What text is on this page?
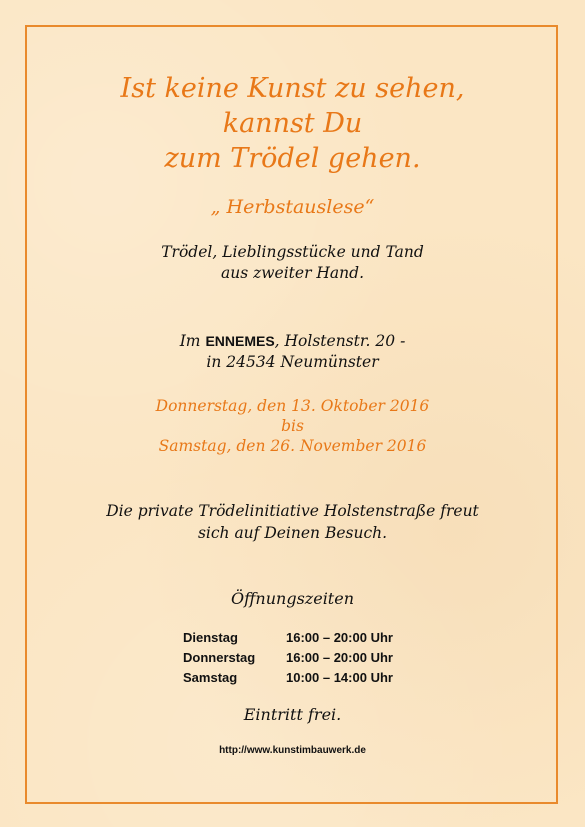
Ist keine Kunst zu sehen,
kannst Du
zum Trödel gehen.
„ Herbstauslese“
Trödel, Lieblingsstücke und Tand
aus zweiter Hand.
Im ENNEMES, Holstenstr. 20 -
in 24534 Neumünster
Donnerstag, den 13. Oktober 2016
bis
Samstag, den 26. November 2016
Die private Trödelinitiative Holstenstraße freut
sich auf Deinen Besuch.
Öffnungszeiten
Dienstag	16:00 – 20:00 Uhr
Donnerstag 16:00 – 20:00 Uhr
Samstag	10:00 – 14:00 Uhr
Eintritt frei.
http://www.kunstimbauwerk.de
